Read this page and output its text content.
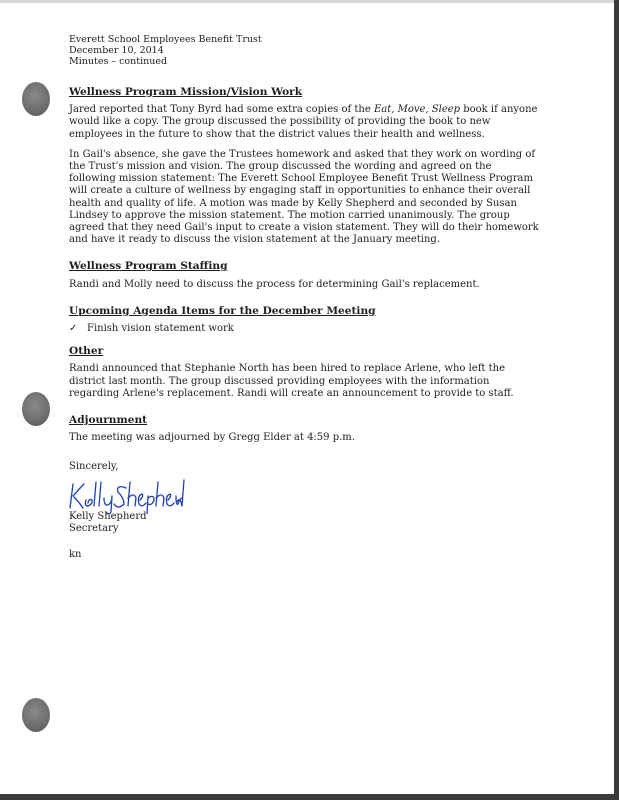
Everett School Employees Benefit Trust
December 10, 2014
Minutes – continued
Wellness Program Mission/Vision Work
Jared reported that Tony Byrd had some extra copies of the Eat, Move, Sleep book if anyone would like a copy. The group discussed the possibility of providing the book to new employees in the future to show that the district values their health and wellness.
In Gail's absence, she gave the Trustees homework and asked that they work on wording of the Trust's mission and vision. The group discussed the wording and agreed on the following mission statement: The Everett School Employee Benefit Trust Wellness Program will create a culture of wellness by engaging staff in opportunities to enhance their overall health and quality of life. A motion was made by Kelly Shepherd and seconded by Susan Lindsey to approve the mission statement. The motion carried unanimously. The group agreed that they need Gail's input to create a vision statement. They will do their homework and have it ready to discuss the vision statement at the January meeting.
Wellness Program Staffing
Randi and Molly need to discuss the process for determining Gail's replacement.
Upcoming Agenda Items for the December Meeting
✓ Finish vision statement work
Other
Randi announced that Stephanie North has been hired to replace Arlene, who left the district last month. The group discussed providing employees with the information regarding Arlene's replacement. Randi will create an announcement to provide to staff.
Adjournment
The meeting was adjourned by Gregg Elder at 4:59 p.m.
Sincerely,
Kelly Shepherd
Secretary
kn
